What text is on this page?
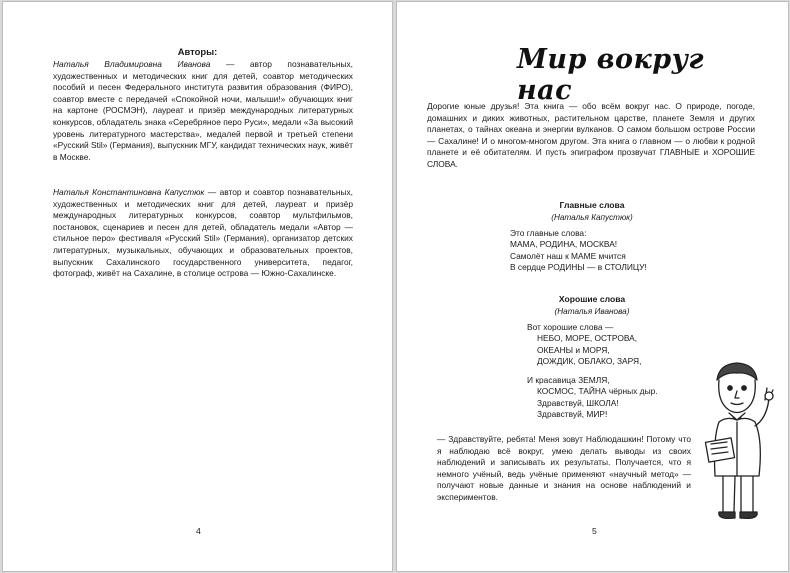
Авторы:
Наталья Владимировна Иванова — автор познавательных, художественных и методических книг для детей, соавтор методических пособий и песен Федерального института развития образования (ФИРО), соавтор вместе с передачей «Спокойной ночи, малыши!» обучающих книг на картоне (РОСМЭН), лауреат и призёр международных литературных конкурсов, обладатель знака «Серебряное перо Руси», медали «За высокий уровень литературного мастерства», медалей первой и третьей степени «Русский Stil» (Германия), выпускник МГУ, кандидат технических наук, живёт в Москве.
Наталья Константиновна Капустюк — автор и соавтор познавательных, художественных и методических книг для детей, лауреат и призёр международных литературных конкурсов, соавтор мультфильмов, постановок, сценариев и песен для детей, обладатель медали «Автор — стильное перо» фестиваля «Русский Stil» (Германия), организатор детских литературных, музыкальных, обучающих и образовательных проектов, выпускник Сахалинского государственного университета, педагог, фотограф, живёт на Сахалине, в столице острова — Южно-Сахалинске.
4
Мир вокруг нас
Дорогие юные друзья! Эта книга — обо всём вокруг нас. О природе, погоде, домашних и диких животных, растительном царстве, планете Земля и других планетах, о тайнах океана и энергии вулканов. О самом большом острове России — Сахалине! И о многом-многом другом. Эта книга о главном — о любви к родной планете и её обитателям. И пусть эпиграфом прозвучат ГЛАВНЫЕ и ХОРОШИЕ СЛОВА.
Главные слова
(Наталья Капустюк)
Это главные слова:
МАМА, РОДИНА, МОСКВА!
Самолёт наш к МАМЕ мчится
В сердце РОДИНЫ — в СТОЛИЦУ!
Хорошие слова
(Наталья Иванова)
Вот хорошие слова —
НЕБО, МОРЕ, ОСТРОВА,
ОКЕАНЫ и МОРЯ,
ДОЖДИК, ОБЛАКО, ЗАРЯ,
И красавица ЗЕМЛЯ,
КОСМОС, ТАЙНА чёрных дыр.
Здравствуй, ШКОЛА!
Здравствуй, МИР!
— Здравствуйте, ребята! Меня зовут Наблюдашкин! Потому что я наблюдаю всё вокруг, умею делать выводы из своих наблюдений и записывать их результаты. Получается, что я немного учёный, ведь учёные применяют «научный метод» — получают новые данные и знания на основе наблюдений и экспериментов.
5
